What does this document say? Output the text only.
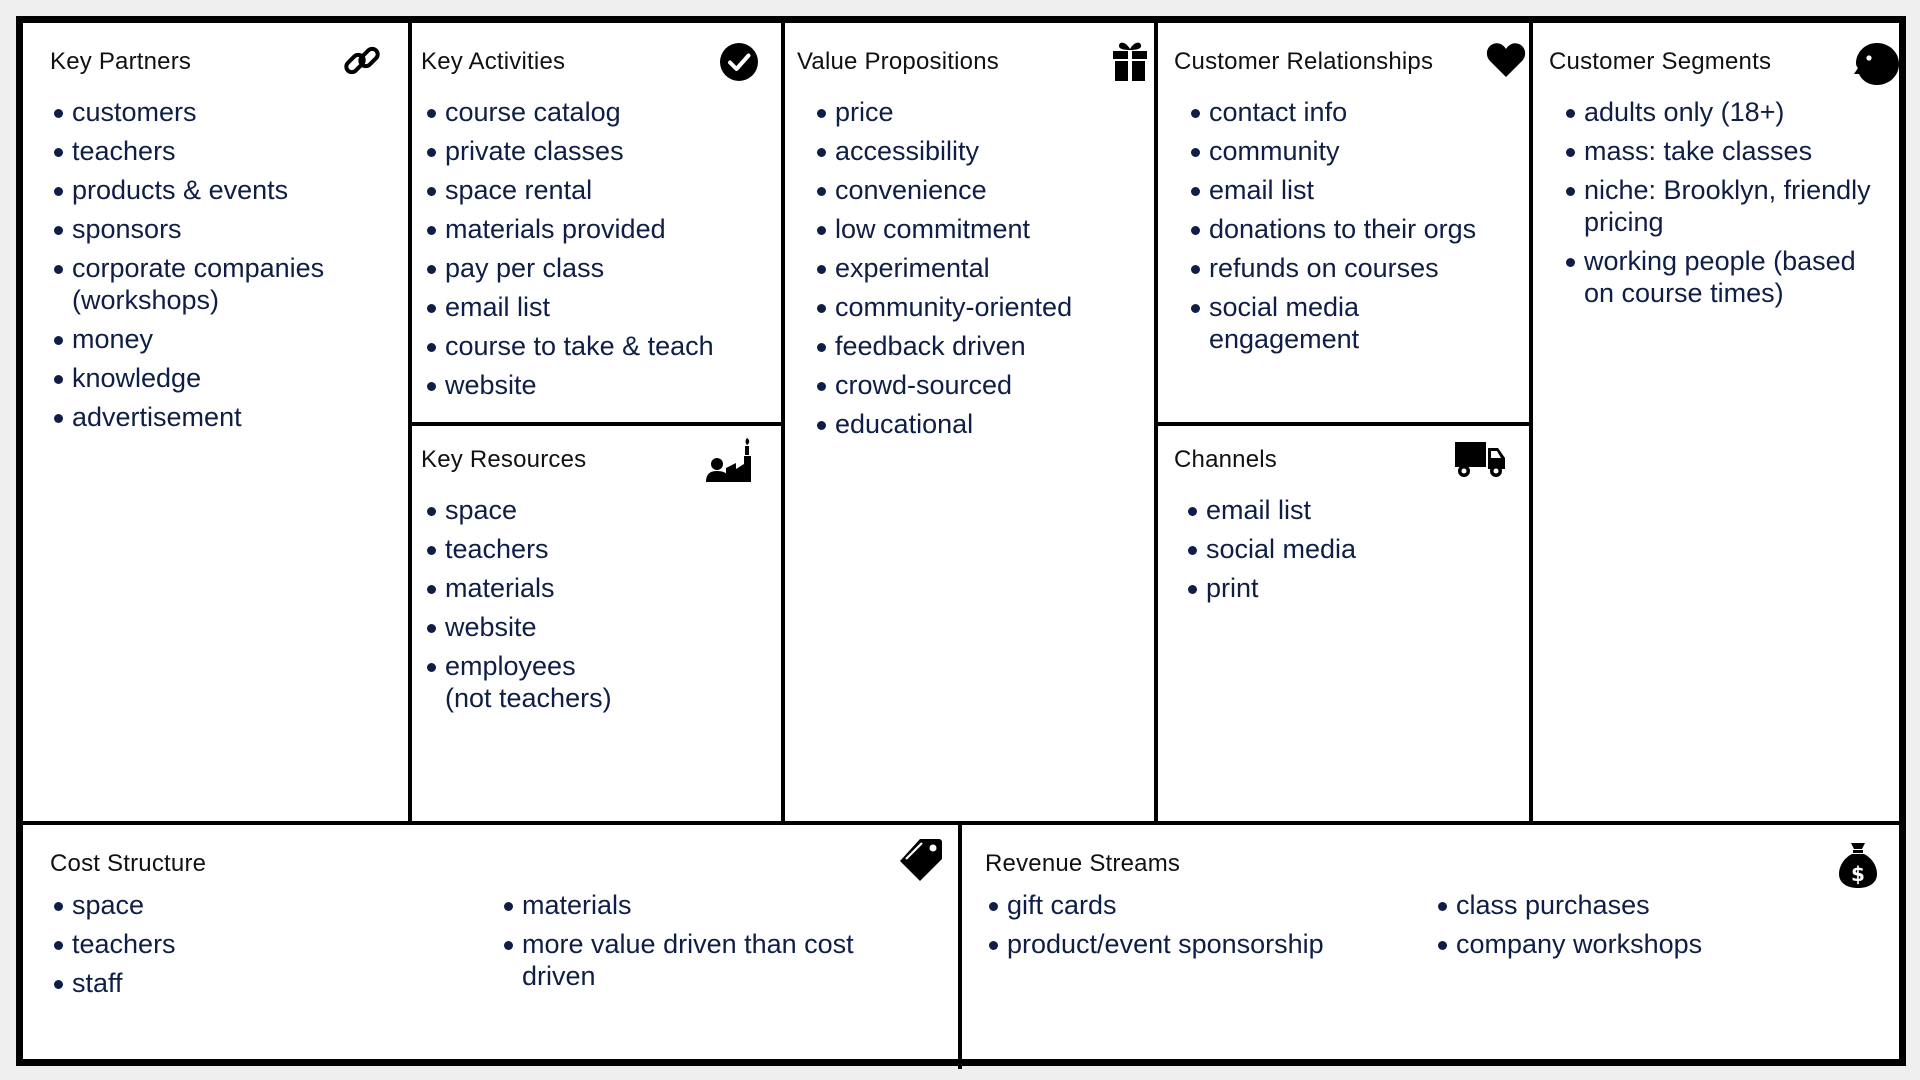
Key Partners
customers
teachers
products & events
sponsors
corporate companies (workshops)
money
knowledge
advertisement
Key Activities
course catalog
private classes
space rental
materials provided
pay per class
email list
course to take & teach
website
Key Resources
space
teachers
materials
website
employees (not teachers)
Value Propositions
price
accessibility
convenience
low commitment
experimental
community-oriented
feedback driven
crowd-sourced
educational
Customer Relationships
contact info
community
email list
donations to their orgs
refunds on courses
social media engagement
Channels
email list
social media
print
Customer Segments
adults only (18+)
mass: take classes
niche: Brooklyn, friendly pricing
working people (based on course times)
Cost Structure
space
teachers
staff
materials
more value driven than cost driven
Revenue Streams	$
gift cards
product/event sponsorship
class purchases
company workshops
